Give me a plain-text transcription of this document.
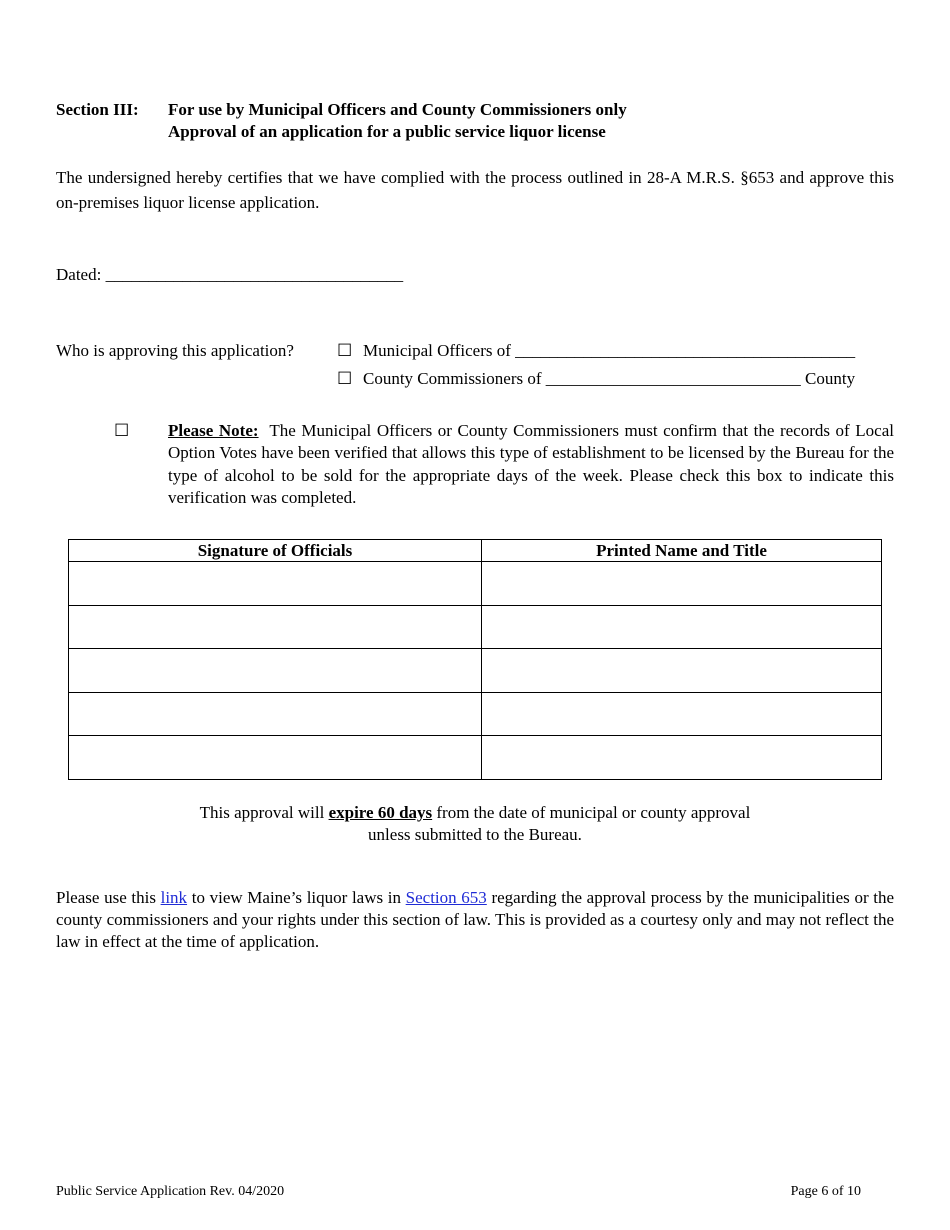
Section III: For use by Municipal Officers and County Commissioners only
Approval of an application for a public service liquor license
The undersigned hereby certifies that we have complied with the process outlined in 28-A M.R.S. §653 and approve this on-premises liquor license application.
Dated: ___________________________________
Who is approving this application?	☐ Municipal Officers of ________________________________________
☐ County Commissioners of ______________________________ County
☐ Please Note: The Municipal Officers or County Commissioners must confirm that the records of Local Option Votes have been verified that allows this type of establishment to be licensed by the Bureau for the type of alcohol to be sold for the appropriate days of the week. Please check this box to indicate this verification was completed.
Signature of Officials	Printed Name and Title

This approval will expire 60 days from the date of municipal or county approval
unless submitted to the Bureau.
Please use this link to view Maine’s liquor laws in Section 653 regarding the approval process by the municipalities or the county commissioners and your rights under this section of law. This is provided as a courtesy only and may not reflect the law in effect at the time of application.
Public Service Application Rev. 04/2020	Page 6 of 10
